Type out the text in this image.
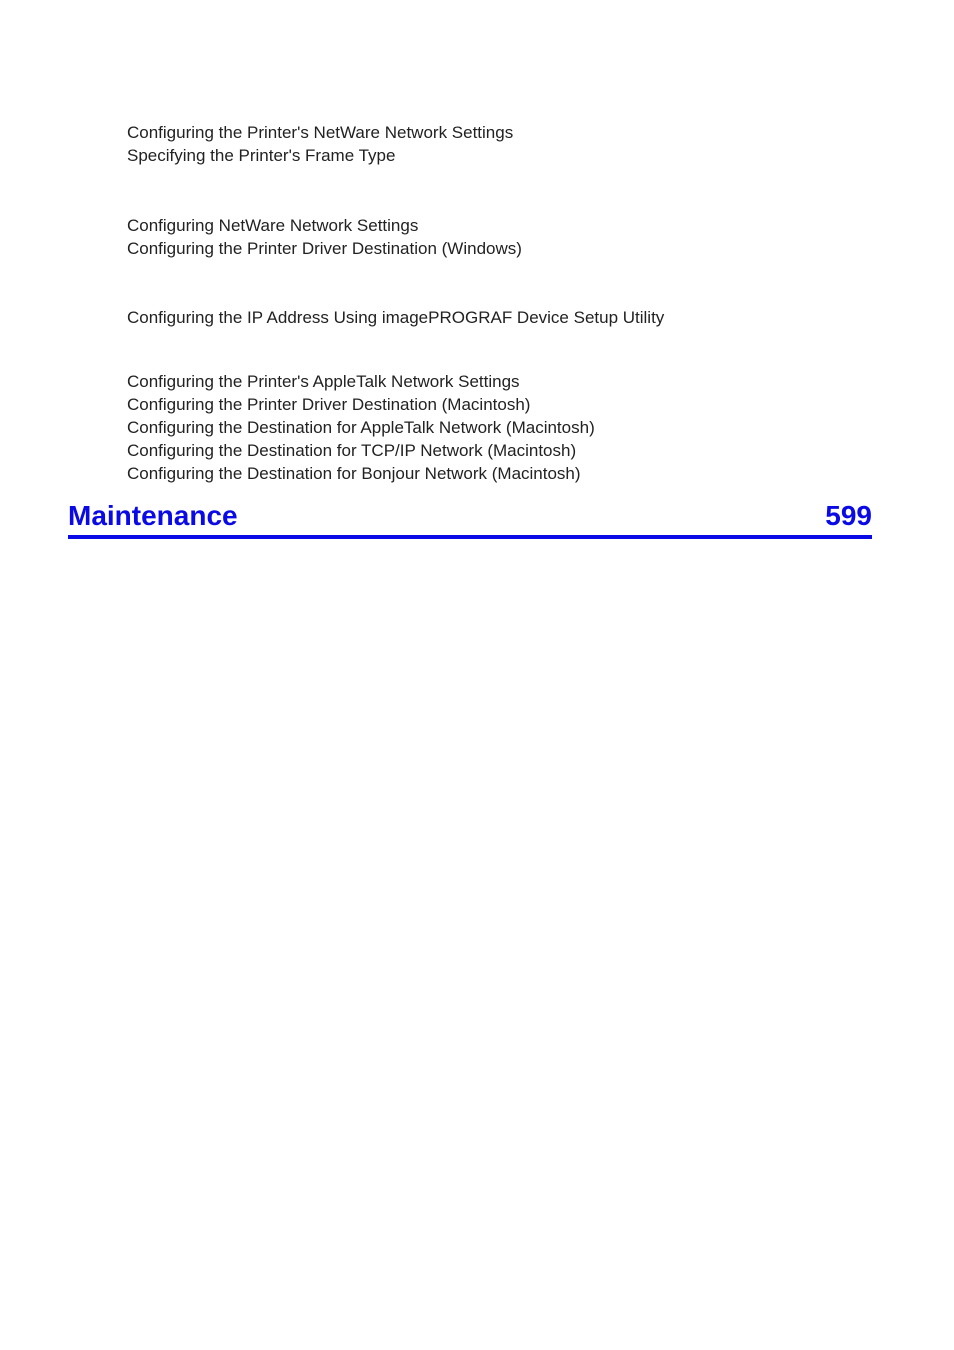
Configuring the Printer's NetWare Network Settings
Specifying the Printer's Frame Type
Configuring NetWare Network Settings
Configuring the Printer Driver Destination (Windows)
Configuring the IP Address Using imagePROGRAF Device Setup Utility
Configuring the Printer's AppleTalk Network Settings
Configuring the Printer Driver Destination (Macintosh)
Configuring the Destination for AppleTalk Network (Macintosh)
Configuring the Destination for TCP/IP Network (Macintosh)
Configuring the Destination for Bonjour Network (Macintosh)
Maintenance	599
